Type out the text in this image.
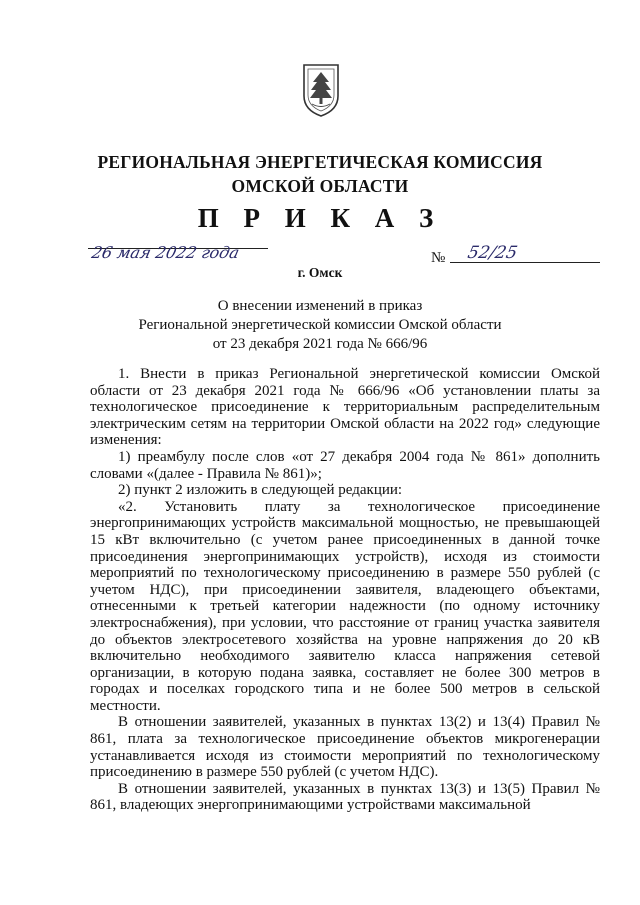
РЕГИОНАЛЬНАЯ ЭНЕРГЕТИЧЕСКАЯ КОМИССИЯ
ОМСКОЙ ОБЛАСТИ
П Р И К А З
26 мая 2022 года	№ 52/25
г. Омск
О внесении изменений в приказ
Региональной энергетической комиссии Омской области
от 23 декабря 2021 года № 666/96

1. Внести в приказ Региональной энергетической комиссии Омской области от 23 декабря 2021 года № 666/96 «Об установлении платы за технологическое присоединение к территориальным распределительным электрическим сетям на территории Омской области на 2022 год» следующие изменения:

1) преамбулу после слов «от 27 декабря 2004 года № 861» дополнить словами «(далее - Правила № 861)»;

2) пункт 2 изложить в следующей редакции:

«2. Установить плату за технологическое присоединение энергопринимающих устройств максимальной мощностью, не превышающей 15 кВт включительно (с учетом ранее присоединенных в данной точке присоединения энергопринимающих устройств), исходя из стоимости мероприятий по технологическому присоединению в размере 550 рублей (с учетом НДС), при присоединении заявителя, владеющего объектами, отнесенными к третьей категории надежности (по одному источнику электроснабжения), при условии, что расстояние от границ участка заявителя до объектов электросетевого хозяйства на уровне напряжения до 20 кВ включительно необходимого заявителю класса напряжения сетевой организации, в которую подана заявка, составляет не более 300 метров в городах и поселках городского типа и не более 500 метров в сельской местности.

В отношении заявителей, указанных в пунктах 13(2) и 13(4) Правил № 861, плата за технологическое присоединение объектов микрогенерации устанавливается исходя из стоимости мероприятий по технологическому присоединению в размере 550 рублей (с учетом НДС).

В отношении заявителей, указанных в пунктах 13(3) и 13(5) Правил № 861, владеющих энергопринимающими устройствами максимальной
